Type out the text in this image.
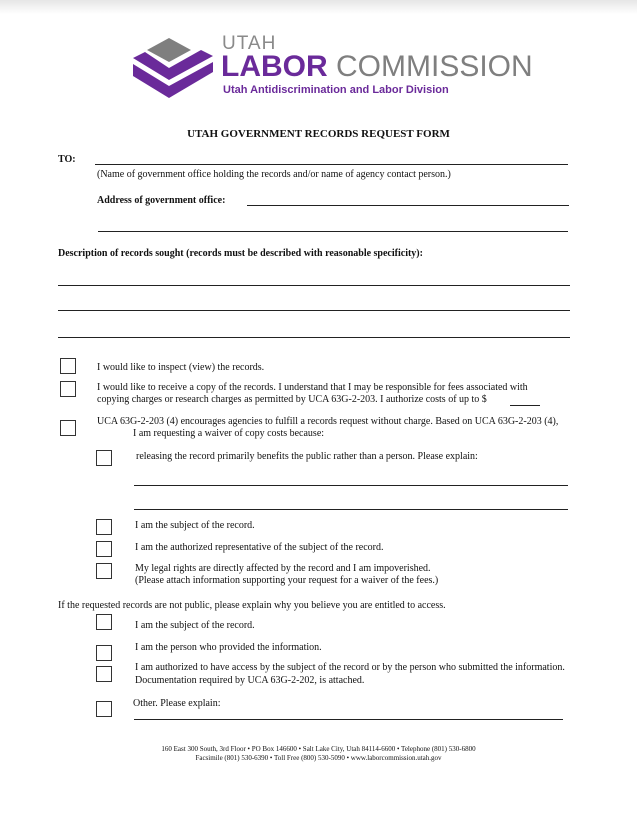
UTAH
LABOR COMMISSION
Utah Antidiscrimination and Labor Division
UTAH GOVERNMENT RECORDS REQUEST FORM
TO:
(Name of government office holding the records and/or name of agency contact person.)
Address of government office:
Description of records sought (records must be described with reasonable specificity):
I would like to inspect (view) the records.
I would like to receive a copy of the records. I understand that I may be responsible for fees associated with
copying charges or research charges as permitted by UCA 63G-2-203. I authorize costs of up to $
UCA 63G-2-203 (4) encourages agencies to fulfill a records request without charge. Based on UCA 63G-2-203 (4),
I am requesting a waiver of copy costs because:
releasing the record primarily benefits the public rather than a person. Please explain:
I am the subject of the record.
I am the authorized representative of the subject of the record.
My legal rights are directly affected by the record and I am impoverished.
(Please attach information supporting your request for a waiver of the fees.)
If the requested records are not public, please explain why you believe you are entitled to access.
I am the subject of the record.
I am the person who provided the information.
I am authorized to have access by the subject of the record or by the person who submitted the information.
Documentation required by UCA 63G-2-202, is attached.
Other. Please explain:
160 East 300 South, 3rd Floor • PO Box 146600 • Salt Lake City, Utah 84114-6600 • Telephone (801) 530-6800
Facsimile (801) 530-6390 • Toll Free (800) 530-5090 • www.laborcommission.utah.gov
